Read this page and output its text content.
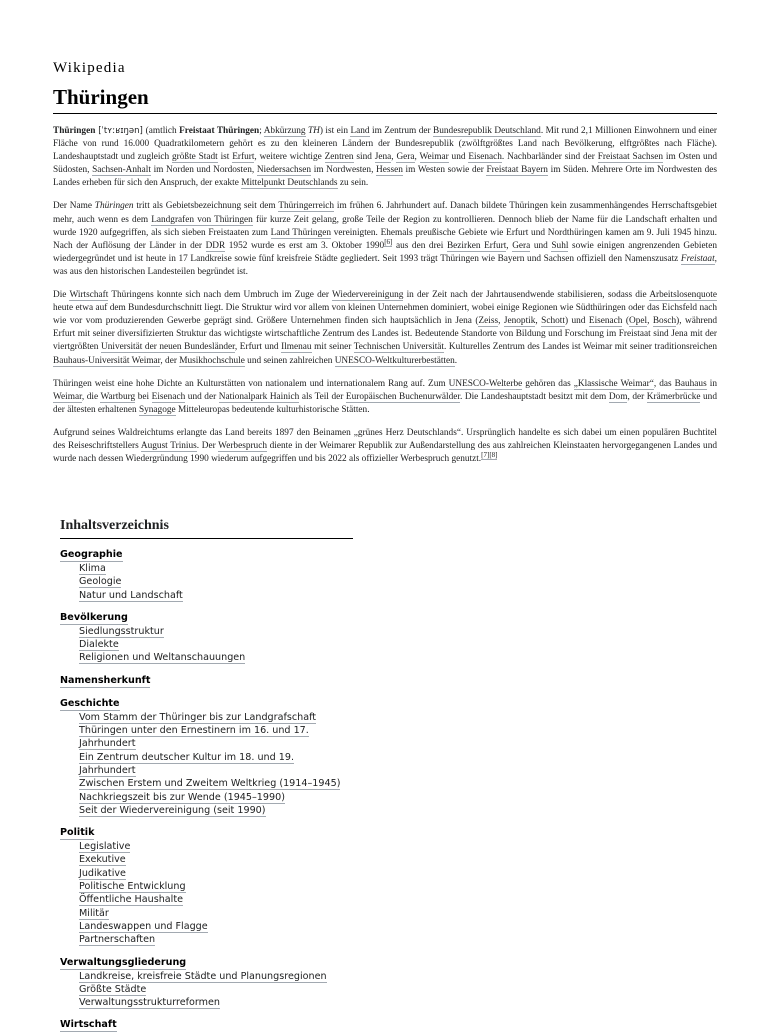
Wikipedia
Thüringen

Thüringen [ˈtʏːʁɪŋən] (amtlich Freistaat Thüringen; Abkürzung TH) ist ein Land im Zentrum der Bundesrepublik Deutschland. Mit rund 2,1 Millionen Einwohnern und einer Fläche von rund 16.000 Quadratkilometern gehört es zu den kleineren Ländern der Bundesrepublik (zwölftgrößtes Land nach Bevölkerung, elftgrößtes nach Fläche). Landeshauptstadt und zugleich größte Stadt ist Erfurt, weitere wichtige Zentren sind Jena, Gera, Weimar und Eisenach. Nachbarländer sind der Freistaat Sachsen im Osten und Südosten, Sachsen-Anhalt im Norden und Nordosten, Niedersachsen im Nordwesten, Hessen im Westen sowie der Freistaat Bayern im Süden. Mehrere Orte im Nordwesten des Landes erheben für sich den Anspruch, der exakte Mittelpunkt Deutschlands zu sein.

Der Name Thüringen tritt als Gebietsbezeichnung seit dem Thüringerreich im frühen 6. Jahrhundert auf. Danach bildete Thüringen kein zusammenhängendes Herrschaftsgebiet mehr, auch wenn es dem Landgrafen von Thüringen für kurze Zeit gelang, große Teile der Region zu kontrollieren. Dennoch blieb der Name für die Landschaft erhalten und wurde 1920 aufgegriffen, als sich sieben Freistaaten zum Land Thüringen vereinigten. Ehemals preußische Gebiete wie Erfurt und Nordthüringen kamen am 9. Juli 1945 hinzu. Nach der Auflösung der Länder in der DDR 1952 wurde es erst am 3. Oktober 1990[6] aus den drei Bezirken Erfurt, Gera und Suhl sowie einigen angrenzenden Gebieten wiedergegründet und ist heute in 17 Landkreise sowie fünf kreisfreie Städte gegliedert. Seit 1993 trägt Thüringen wie Bayern und Sachsen offiziell den Namenszusatz Freistaat, was aus den historischen Landesteilen begründet ist.

Die Wirtschaft Thüringens konnte sich nach dem Umbruch im Zuge der Wiedervereinigung in der Zeit nach der Jahrtausendwende stabilisieren, sodass die Arbeitslosenquote heute etwa auf dem Bundesdurchschnitt liegt. Die Struktur wird vor allem von kleinen Unternehmen dominiert, wobei einige Regionen wie Südthüringen oder das Eichsfeld nach wie vor vom produzierenden Gewerbe geprägt sind. Größere Unternehmen finden sich hauptsächlich in Jena (Zeiss, Jenoptik, Schott) und Eisenach (Opel, Bosch), während Erfurt mit seiner diversifizierten Struktur das wichtigste wirtschaftliche Zentrum des Landes ist. Bedeutende Standorte von Bildung und Forschung im Freistaat sind Jena mit der viertgrößten Universität der neuen Bundesländer, Erfurt und Ilmenau mit seiner Technischen Universität. Kulturelles Zentrum des Landes ist Weimar mit seiner traditionsreichen Bauhaus-Universität Weimar, der Musikhochschule und seinen zahlreichen UNESCO-Weltkulturerbestätten.

Thüringen weist eine hohe Dichte an Kulturstätten von nationalem und internationalem Rang auf. Zum UNESCO-Welterbe gehören das „Klassische Weimar“, das Bauhaus in Weimar, die Wartburg bei Eisenach und der Nationalpark Hainich als Teil der Europäischen Buchenurwälder. Die Landeshauptstadt besitzt mit dem Dom, der Krämerbrücke und der ältesten erhaltenen Synagoge Mitteleuropas bedeutende kulturhistorische Stätten.

Aufgrund seines Waldreichtums erlangte das Land bereits 1897 den Beinamen „grünes Herz Deutschlands“. Ursprünglich handelte es sich dabei um einen populären Buchtitel des Reiseschriftstellers August Trinius. Der Werbespruch diente in der Weimarer Republik zur Außendarstellung des aus zahlreichen Kleinstaaten hervorgegangenen Landes und wurde nach dessen Wiedergründung 1990 wiederum aufgegriffen und bis 2022 als offizieller Werbespruch genutzt.[7][8]

Inhaltsverzeichnis
Geographie
Klima
Geologie
Natur und Landschaft
Bevölkerung
Siedlungsstruktur
Dialekte
Religionen und Weltanschauungen
Namensherkunft
Geschichte
Vom Stamm der Thüringer bis zur Landgrafschaft
Thüringen unter den Ernestinern im 16. und 17. Jahrhundert
Ein Zentrum deutscher Kultur im 18. und 19. Jahrhundert
Zwischen Erstem und Zweitem Weltkrieg (1914–1945)
Nachkriegszeit bis zur Wende (1945–1990)
Seit der Wiedervereinigung (seit 1990)
Politik
Legislative
Exekutive
Judikative
Politische Entwicklung
Öffentliche Haushalte
Militär
Landeswappen und Flagge
Partnerschaften
Verwaltungsgliederung
Landkreise, kreisfreie Städte und Planungsregionen
Größte Städte
Verwaltungsstrukturreformen
Wirtschaft
